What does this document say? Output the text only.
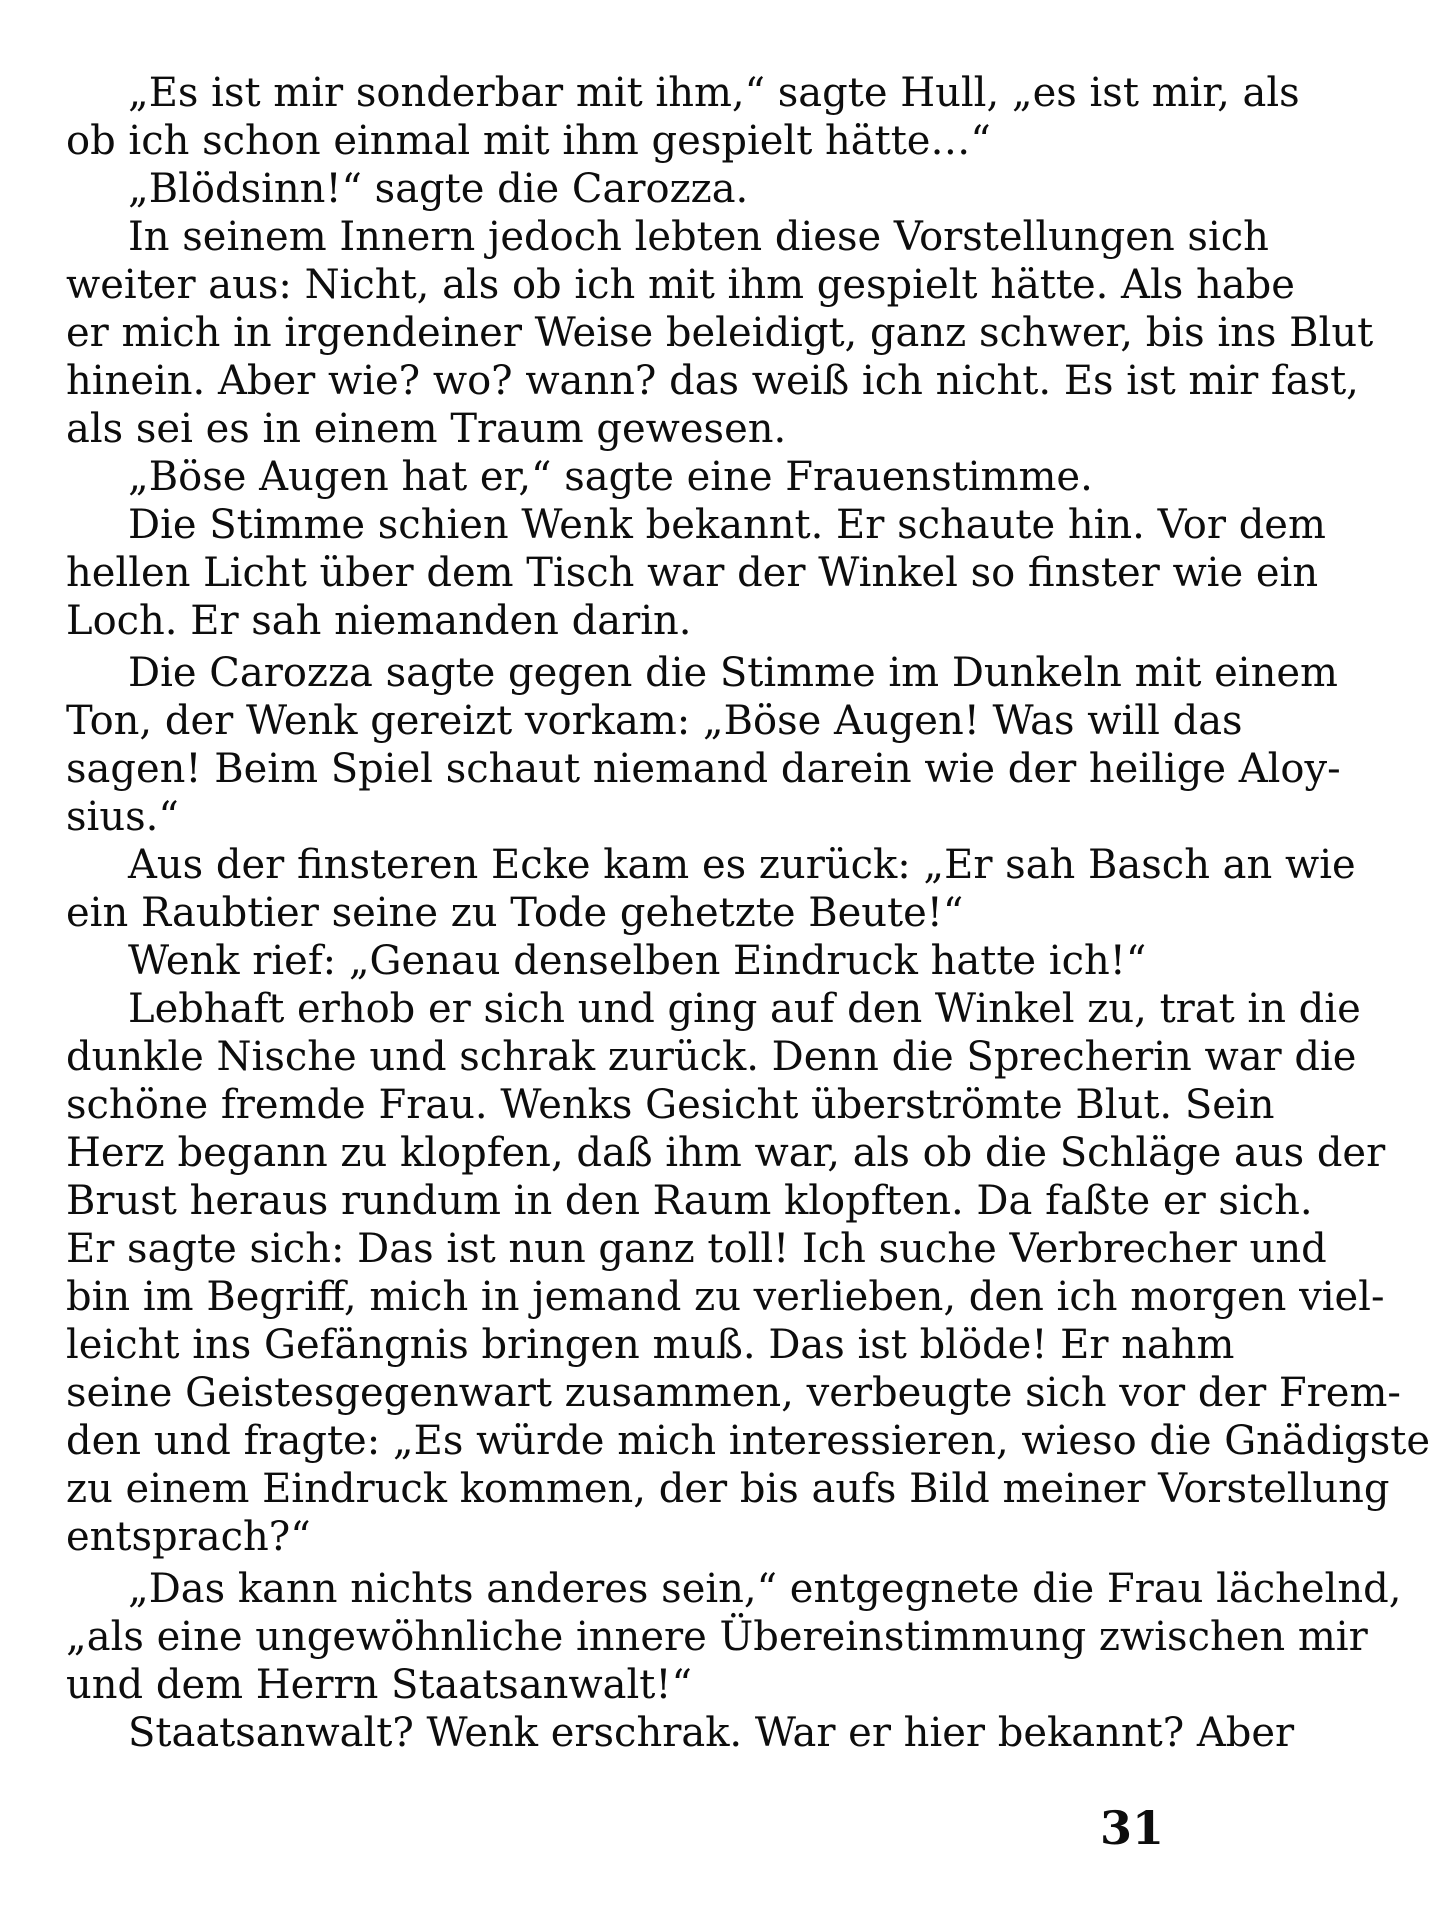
„Es ist mir sonderbar mit ihm,“ sagte Hull, „es ist mir, als
ob ich schon einmal mit ihm gespielt hätte…“
„Blödsinn!“ sagte die Carozza.
In seinem Innern jedoch lebten diese Vorstellungen sich
weiter aus: Nicht, als ob ich mit ihm gespielt hätte. Als habe
er mich in irgendeiner Weise beleidigt, ganz schwer, bis ins Blut
hinein. Aber wie? wo? wann? das weiß ich nicht. Es ist mir fast,
als sei es in einem Traum gewesen.
„Böse Augen hat er,“ sagte eine Frauenstimme.
Die Stimme schien Wenk bekannt. Er schaute hin. Vor dem
hellen Licht über dem Tisch war der Winkel so finster wie ein
Loch. Er sah niemanden darin.
Die Carozza sagte gegen die Stimme im Dunkeln mit einem
Ton, der Wenk gereizt vorkam: „Böse Augen! Was will das
sagen! Beim Spiel schaut niemand darein wie der heilige Aloy-
sius.“
Aus der finsteren Ecke kam es zurück: „Er sah Basch an wie
ein Raubtier seine zu Tode gehetzte Beute!“
Wenk rief: „Genau denselben Eindruck hatte ich!“
Lebhaft erhob er sich und ging auf den Winkel zu, trat in die
dunkle Nische und schrak zurück. Denn die Sprecherin war die
schöne fremde Frau. Wenks Gesicht überströmte Blut. Sein
Herz begann zu klopfen, daß ihm war, als ob die Schläge aus der
Brust heraus rundum in den Raum klopften. Da faßte er sich.
Er sagte sich: Das ist nun ganz toll! Ich suche Verbrecher und
bin im Begriff, mich in jemand zu verlieben, den ich morgen viel-
leicht ins Gefängnis bringen muß. Das ist blöde! Er nahm
seine Geistesgegenwart zusammen, verbeugte sich vor der Frem-
den und fragte: „Es würde mich interessieren, wieso die Gnädigste
zu einem Eindruck kommen, der bis aufs Bild meiner Vorstellung
entsprach?“
„Das kann nichts anderes sein,“ entgegnete die Frau lächelnd,
„als eine ungewöhnliche innere Übereinstimmung zwischen mir
und dem Herrn Staatsanwalt!“
Staatsanwalt? Wenk erschrak. War er hier bekannt? Aber
31
